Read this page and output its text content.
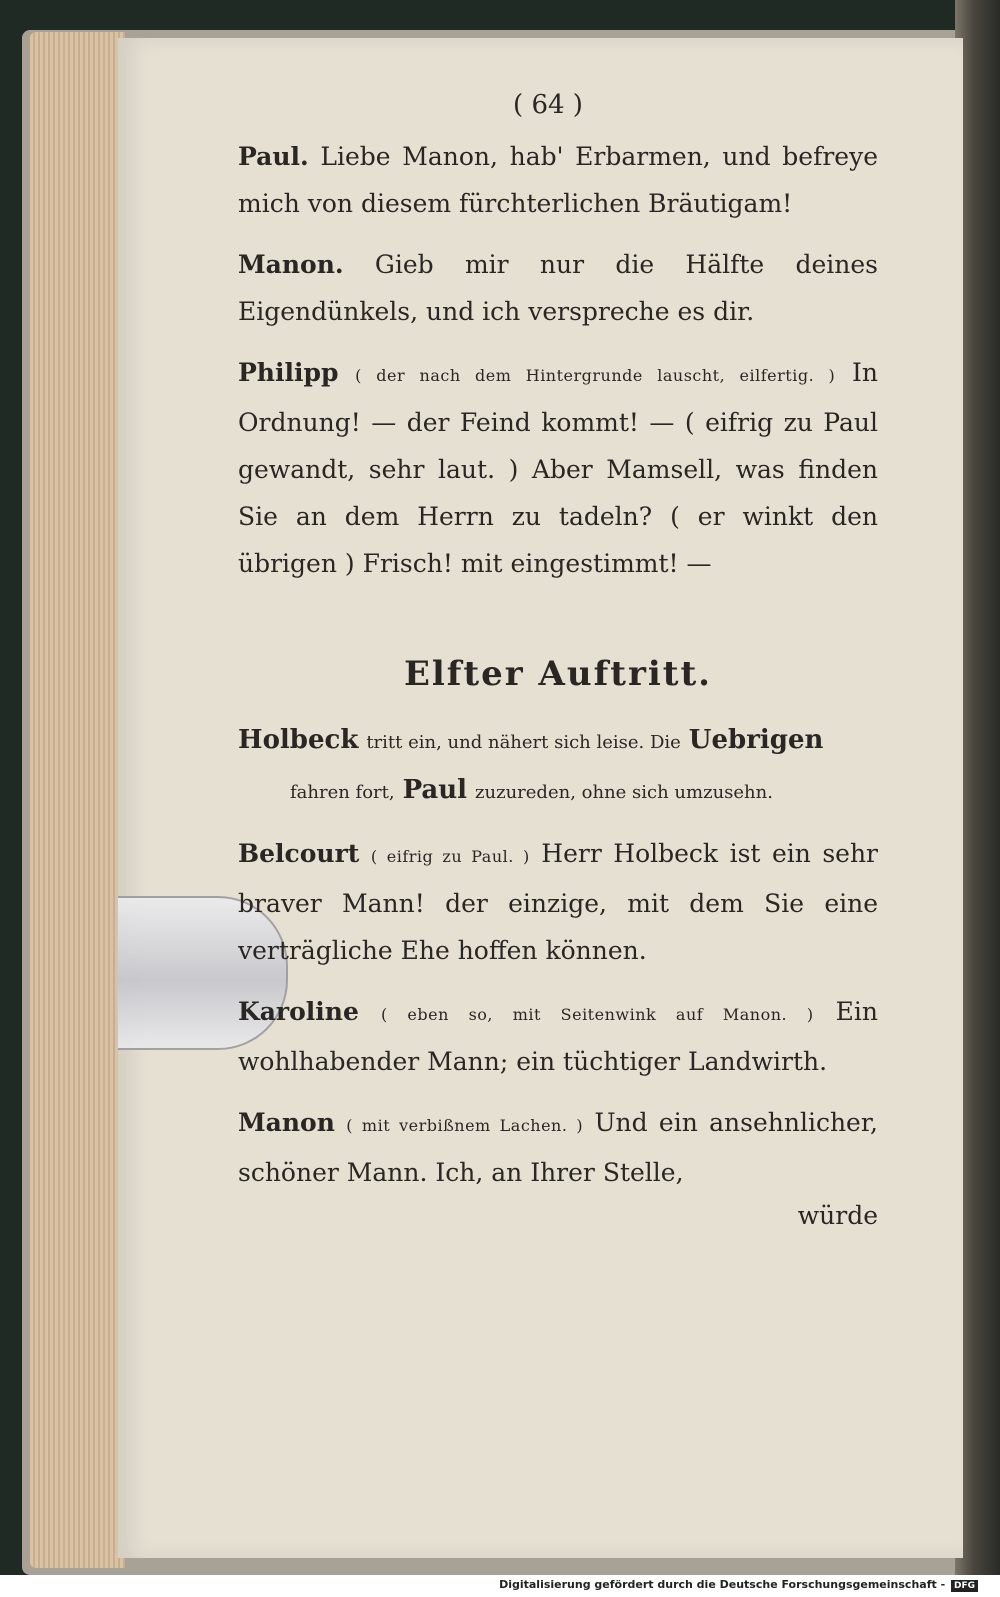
( 64 )

Paul. Liebe Manon, hab' Erbarmen, und befreye mich von diesem fürchterlichen Bräutigam!

Manon. Gieb mir nur die Hälfte deines Eigendünkels, und ich verspreche es dir.

Philipp ( der nach dem Hintergrunde lauscht, eilfertig. ) In Ordnung! — der Feind kommt! — ( eifrig zu Paul gewandt, sehr laut. ) Aber Mamsell, was finden Sie an dem Herrn zu tadeln? ( er winkt den übrigen ) Frisch! mit eingestimmt! —

Elfter Auftritt.
Holbeck tritt ein, und nähert sich leise. Die Uebrigen
fahren fort, Paul zuzureden, ohne sich umzusehn.

Belcourt ( eifrig zu Paul. ) Herr Holbeck ist ein sehr braver Mann! der einzige, mit dem Sie eine verträgliche Ehe hoffen können.

Karoline ( eben so, mit Seitenwink auf Manon. ) Ein wohlhabender Mann; ein tüchtiger Landwirth.

Manon ( mit verbißnem Lachen. ) Und ein ansehnlicher, schöner Mann. Ich, an Ihrer Stelle,

würde
Digitalisierung gefördert durch die Deutsche Forschungsgemeinschaft - DFG
